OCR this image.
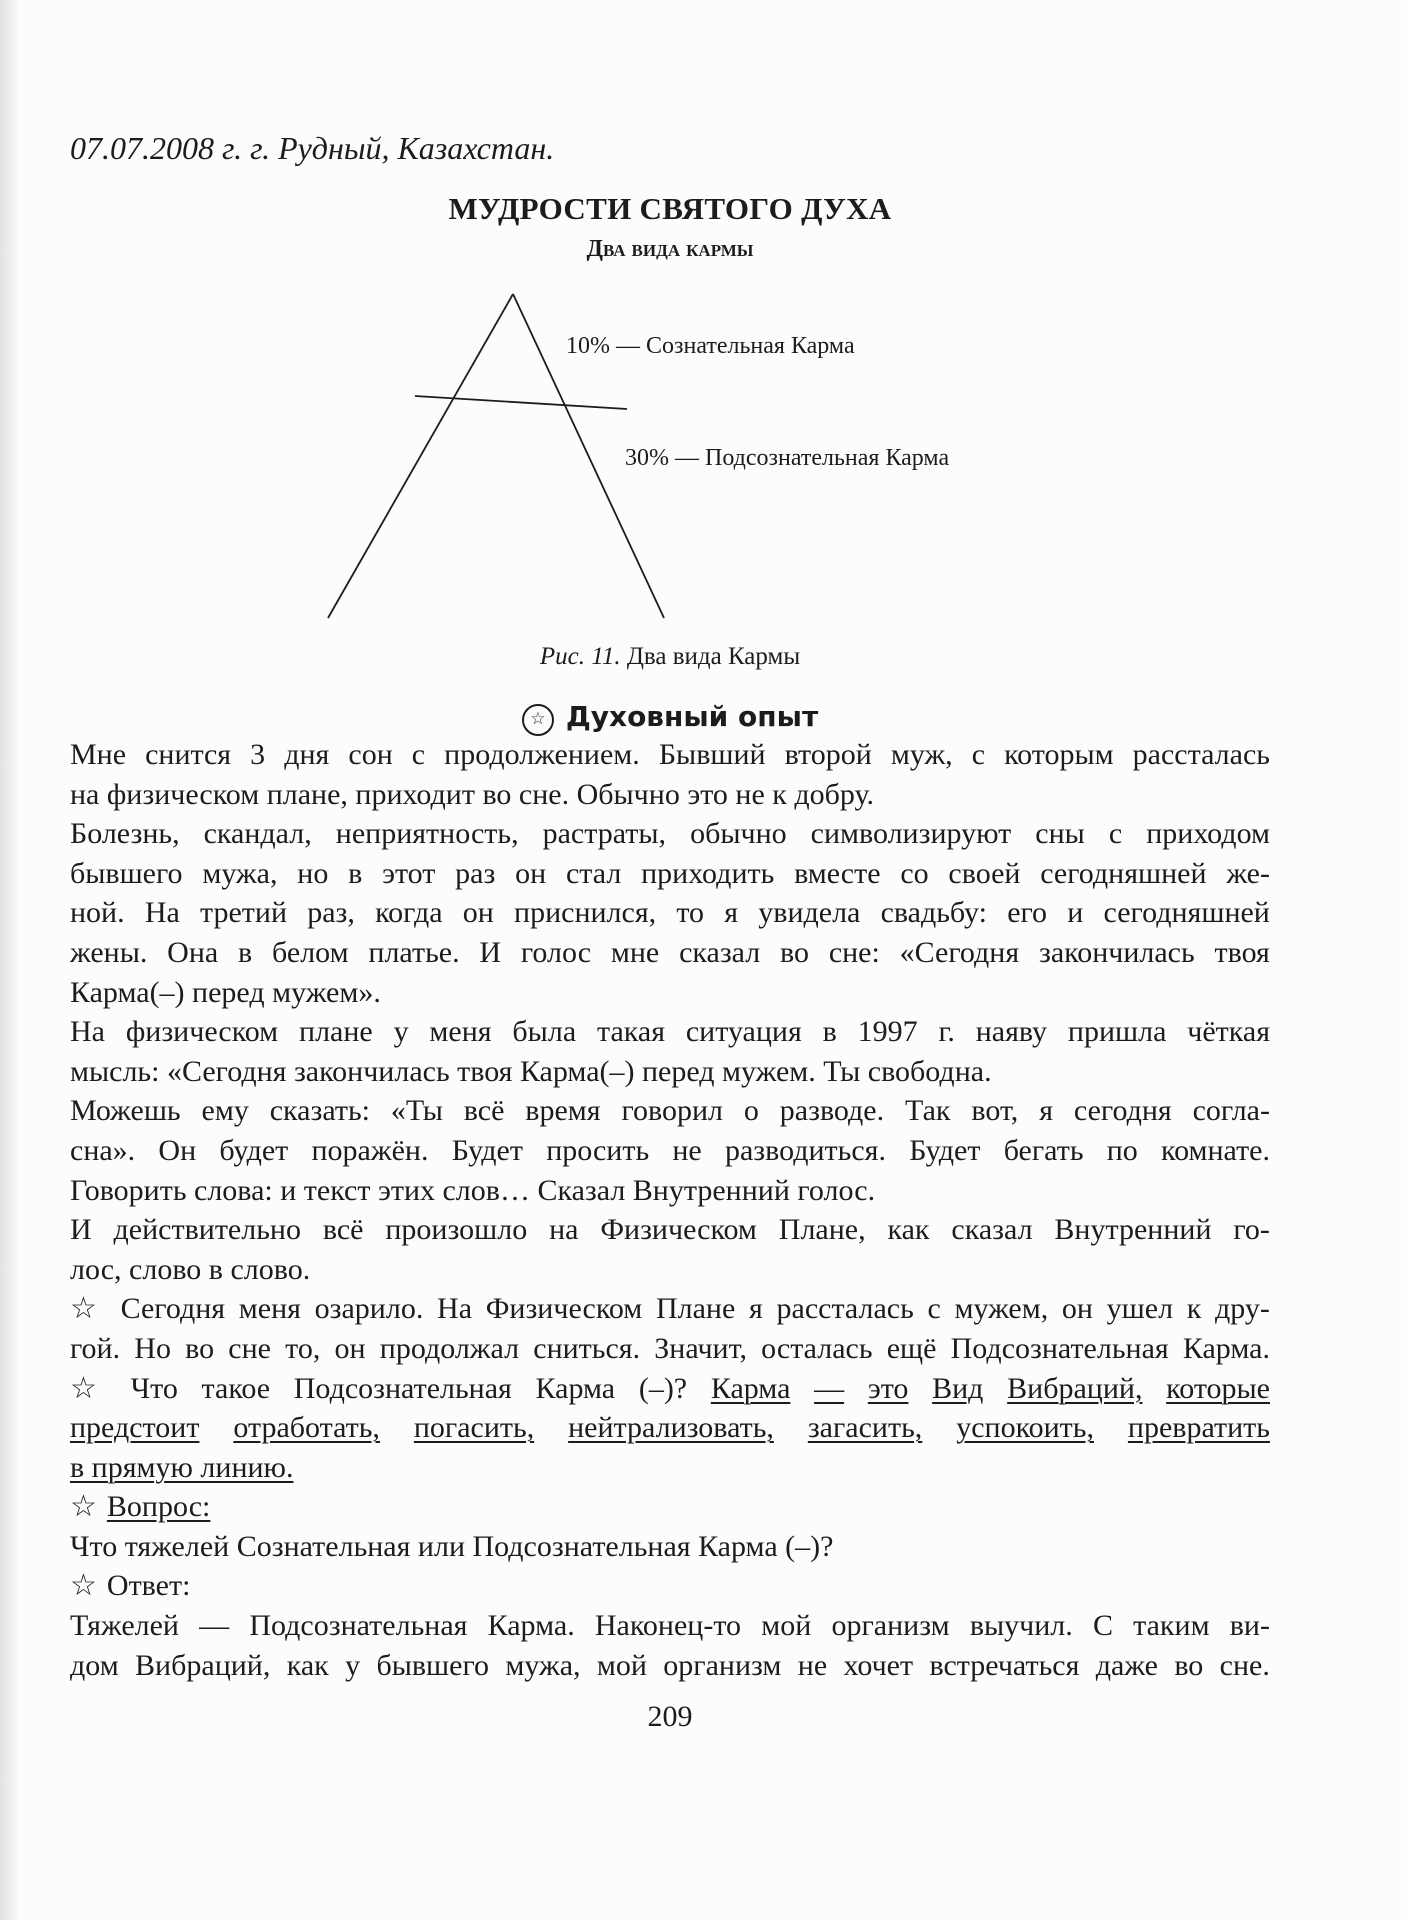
07.07.2008 г. г. Рудный, Казахстан.
МУДРОСТИ СВЯТОГО ДУХА
Два вида кармы
10% — Сознательная Карма
30% — Подсознательная Карма
Рис. 11. Два вида Кармы
☆ Духовный опыт
Мне снится 3 дня сон с продолжением. Бывший второй муж, с которым рассталась
на физическом плане, приходит во сне. Обычно это не к добру.
Болезнь, скандал, неприятность, растраты, обычно символизируют сны с приходом
бывшего мужа, но в этот раз он стал приходить вместе со своей сегодняшней же-
ной. На третий раз, когда он приснился, то я увидела свадьбу: его и сегодняшней
жены. Она в белом платье. И голос мне сказал во сне: «Сегодня закончилась твоя
Карма(–) перед мужем».
На физическом плане у меня была такая ситуация в 1997 г. наяву пришла чёткая
мысль: «Сегодня закончилась твоя Карма(–) перед мужем. Ты свободна.
Можешь ему сказать: «Ты всё время говорил о разводе. Так вот, я сегодня согла-
сна». Он будет поражён. Будет просить не разводиться. Будет бегать по комнате.
Говорить слова: и текст этих слов… Сказал Внутренний голос.
И действительно всё произошло на Физическом Плане, как сказал Внутренний го-
лос, слово в слово.
☆ Сегодня меня озарило. На Физическом Плане я рассталась с мужем, он ушел к дру-
гой. Но во сне то, он продолжал сниться. Значит, осталась ещё Подсознательная Карма.
☆ Что такое Подсознательная Карма (–)? Карма — это Вид Вибраций, которые
предстоит отработать, погасить, нейтрализовать, загасить, успокоить, превратить
в прямую линию.
☆ Вопрос:
Что тяжелей Сознательная или Подсознательная Карма (–)?
☆ Ответ:
Тяжелей — Подсознательная Карма. Наконец-то мой организм выучил. С таким ви-
дом Вибраций, как у бывшего мужа, мой организм не хочет встречаться даже во сне.
209
